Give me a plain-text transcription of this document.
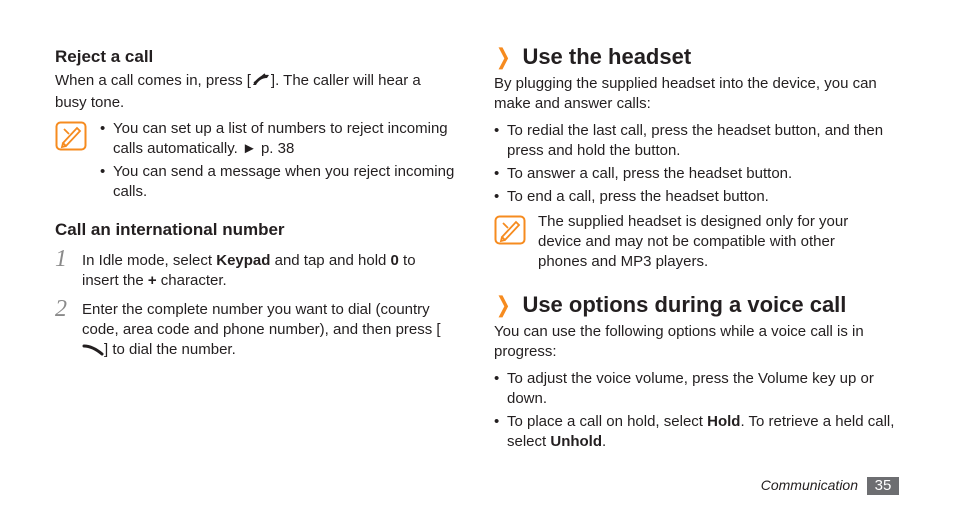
Reject a call
When a call comes in, press [ ]. The caller will hear a busy tone.
• You can set up a list of numbers to reject incoming calls automatically. ► p. 38
• You can send a message when you reject incoming calls.
Call an international number
1 In Idle mode, select Keypad and tap and hold 0 to insert the + character.
2 Enter the complete number you want to dial (country code, area code and phone number), and then press [] to dial the number.
❯ Use the headset
By plugging the supplied headset into the device, you can make and answer calls:
• To redial the last call, press the headset button, and then press and hold the button.
• To answer a call, press the headset button.
• To end a call, press the headset button.
The supplied headset is designed only for your device and may not be compatible with other phones and MP3 players.
❯ Use options during a voice call
You can use the following options while a voice call is in progress:
• To adjust the voice volume, press the Volume key up or down.
• To place a call on hold, select Hold. To retrieve a held call, select Unhold.
Communication	35
